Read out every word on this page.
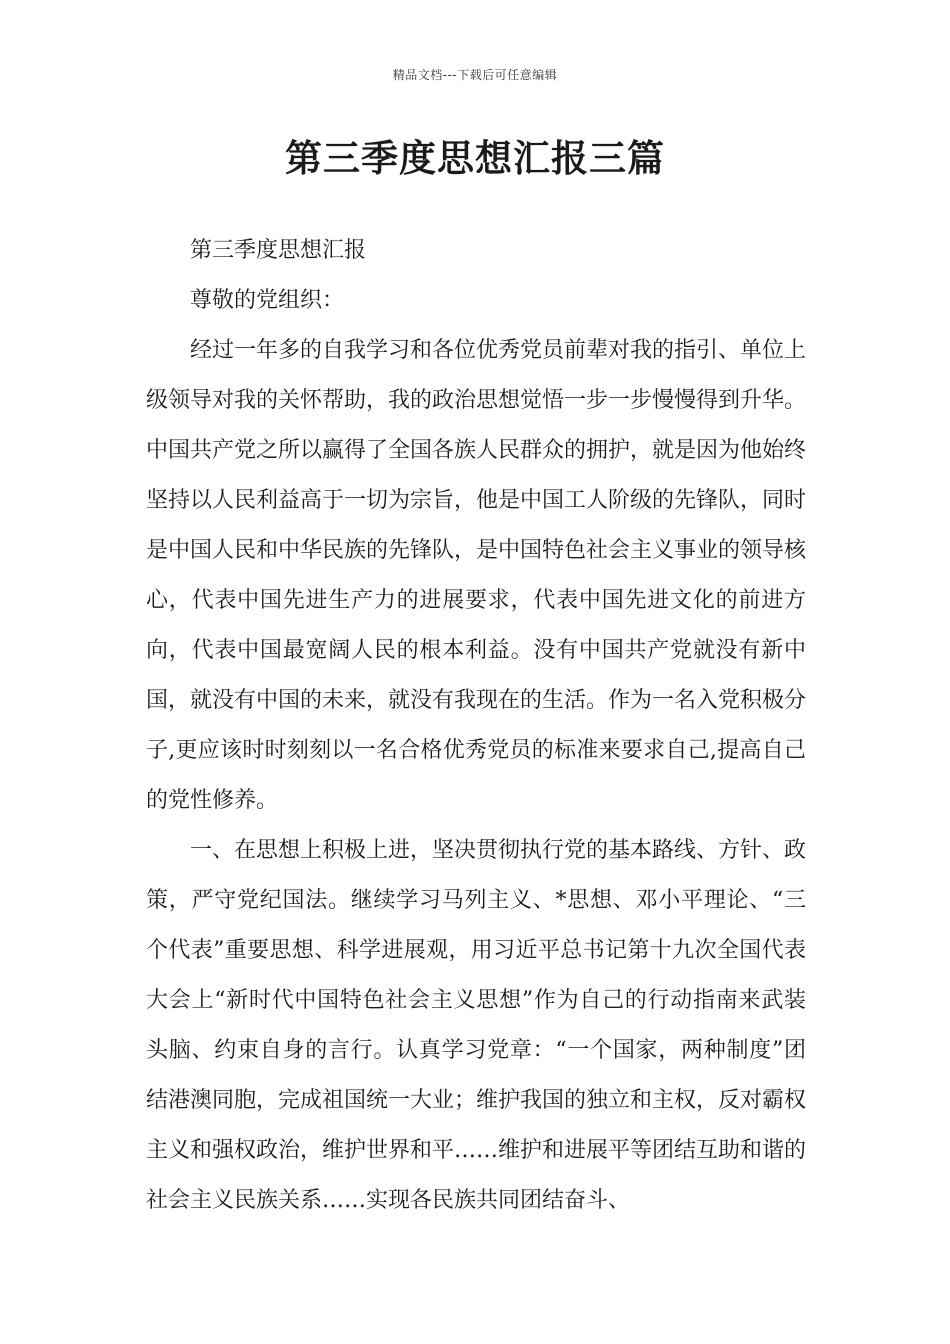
精品文档---下载后可任意编辑
第三季度思想汇报三篇

第三季度思想汇报

尊敬的党组织：

经过一年多的自我学习和各位优秀党员前辈对我的指引、单位上级领导对我的关怀帮助，我的政治思想觉悟一步一步慢慢得到升华。中国共产党之所以赢得了全国各族人民群众的拥护，就是因为他始终坚持以人民利益高于一切为宗旨，他是中国工人阶级的先锋队，同时是中国人民和中华民族的先锋队，是中国特色社会主义事业的领导核心，代表中国先进生产力的进展要求，代表中国先进文化的前进方向，代表中国最宽阔人民的根本利益。没有中国共产党就没有新中国，就没有中国的未来，就没有我现在的生活。作为一名入党积极分子,更应该时时刻刻以一名合格优秀党员的标准来要求自己,提高自己的党性修养。

一、在思想上积极上进，坚决贯彻执行党的基本路线、方针、政策，严守党纪国法。继续学习马列主义、*思想、邓小平理论、“三个代表”重要思想、科学进展观，用习近平总书记第十九次全国代表大会上“新时代中国特色社会主义思想”作为自己的行动指南来武装头脑、约束自身的言行。认真学习党章：“一个国家，两种制度”团结港澳同胞，完成祖国统一大业；维护我国的独立和主权，反对霸权主义和强权政治，维护世界和平……维护和进展平等团结互助和谐的社会主义民族关系……实现各民族共同团结奋斗、
